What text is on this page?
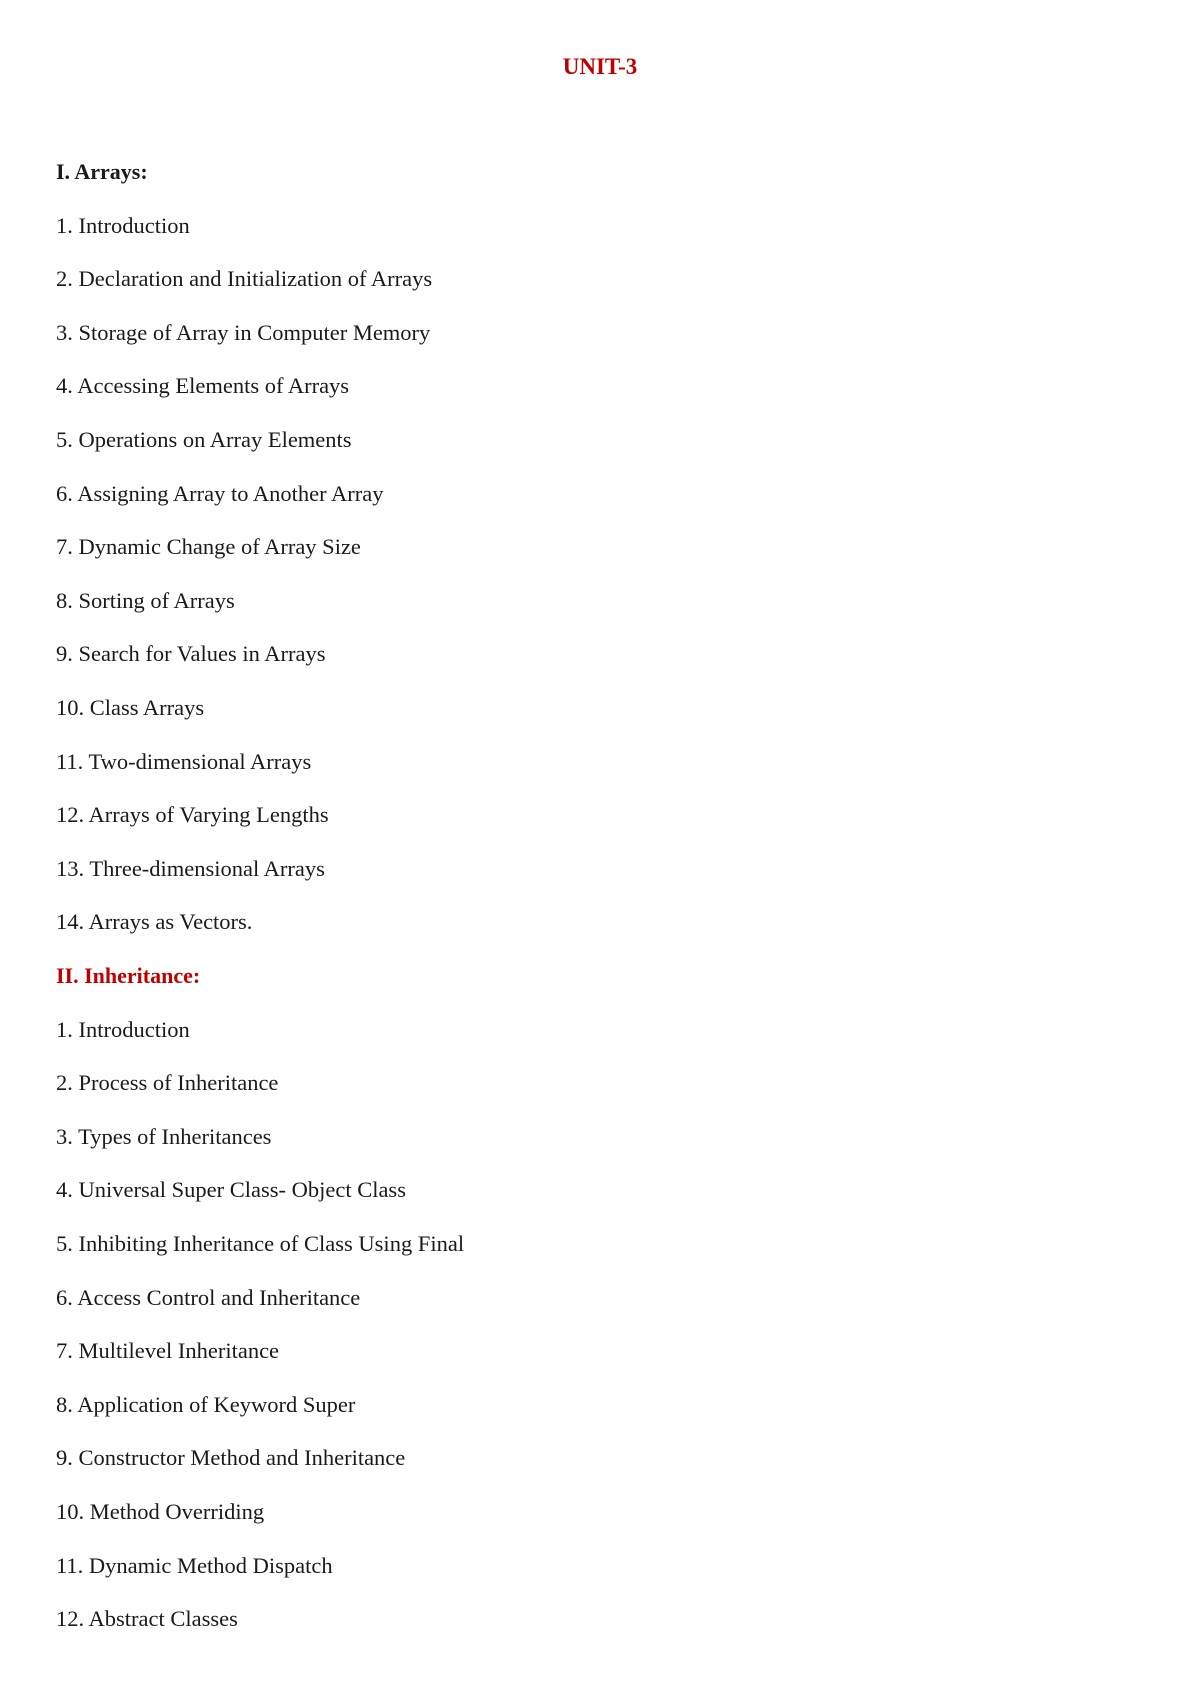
UNIT-3
I. Arrays:
1. Introduction
2. Declaration and Initialization of Arrays
3. Storage of Array in Computer Memory
4. Accessing Elements of Arrays
5. Operations on Array Elements
6. Assigning Array to Another Array
7. Dynamic Change of Array Size
8. Sorting of Arrays
9. Search for Values in Arrays
10. Class Arrays
11. Two-dimensional Arrays
12. Arrays of Varying Lengths
13. Three-dimensional Arrays
14. Arrays as Vectors.
II. Inheritance:
1. Introduction
2. Process of Inheritance
3. Types of Inheritances
4. Universal Super Class- Object Class
5. Inhibiting Inheritance of Class Using Final
6. Access Control and Inheritance
7. Multilevel Inheritance
8. Application of Keyword Super
9. Constructor Method and Inheritance
10. Method Overriding
11. Dynamic Method Dispatch
12. Abstract Classes
